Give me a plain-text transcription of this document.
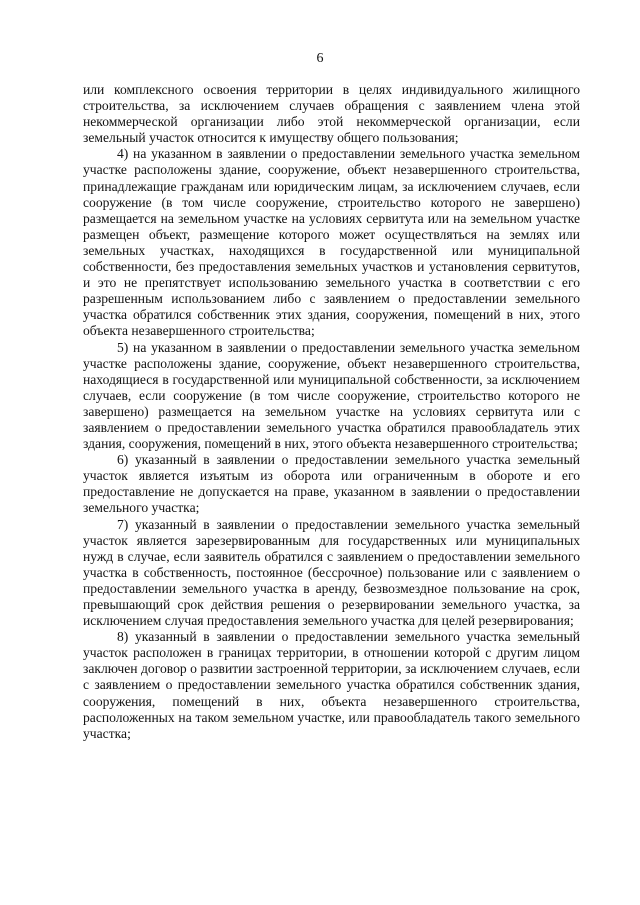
6

или комплексного освоения территории в целях индивидуального жилищного строительства, за исключением случаев обращения с заявлением члена этой некоммерческой организации либо этой некоммерческой организации, если земельный участок относится к имуществу общего пользования;

4) на указанном в заявлении о предоставлении земельного участка земельном участке расположены здание, сооружение, объект незавершенного строительства, принадлежащие гражданам или юридическим лицам, за исключением случаев, если сооружение (в том числе сооружение, строительство которого не завершено) размещается на земельном участке на условиях сервитута или на земельном участке размещен объект, размещение которого может осуществляться на землях или земельных участках, находящихся в государственной или муниципальной собственности, без предоставления земельных участков и установления сервитутов, и это не препятствует использованию земельного участка в соответствии с его разрешенным использованием либо с заявлением о предоставлении земельного участка обратился собственник этих здания, сооружения, помещений в них, этого объекта незавершенного строительства;

5) на указанном в заявлении о предоставлении земельного участка земельном участке расположены здание, сооружение, объект незавершенного строительства, находящиеся в государственной или муниципальной собственности, за исключением случаев, если сооружение (в том числе сооружение, строительство которого не завершено) размещается на земельном участке на условиях сервитута или с заявлением о предоставлении земельного участка обратился правообладатель этих здания, сооружения, помещений в них, этого объекта незавершенного строительства;

6) указанный в заявлении о предоставлении земельного участка земельный участок является изъятым из оборота или ограниченным в обороте и его предоставление не допускается на праве, указанном в заявлении о предоставлении земельного участка;

7) указанный в заявлении о предоставлении земельного участка земельный участок является зарезервированным для государственных или муниципальных нужд в случае, если заявитель обратился с заявлением о предоставлении земельного участка в собственность, постоянное (бессрочное) пользование или с заявлением о предоставлении земельного участка в аренду, безвозмездное пользование на срок, превышающий срок действия решения о резервировании земельного участка, за исключением случая предоставления земельного участка для целей резервирования;

8) указанный в заявлении о предоставлении земельного участка земельный участок расположен в границах территории, в отношении которой с другим лицом заключен договор о развитии застроенной территории, за исключением случаев, если с заявлением о предоставлении земельного участка обратился собственник здания, сооружения, помещений в них, объекта незавершенного строительства, расположенных на таком земельном участке, или правообладатель такого земельного участка;
